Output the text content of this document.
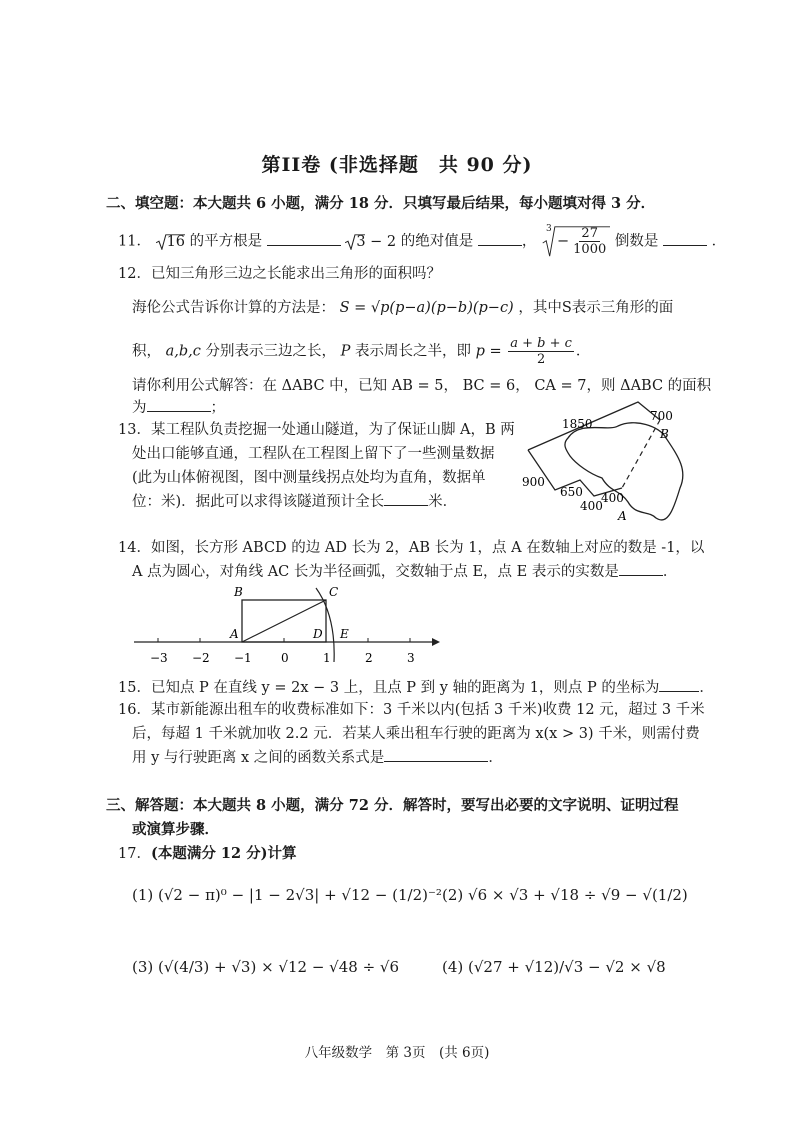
第II卷 (非选择题　共 90 分)
二、填空题：本大题共 6 小题，满分 18 分．只填写最后结果，每小题填对得 3 分．
11． 16 的平方根是	3 − 2 的绝对值是	，
3
− $\frac{27}{1000}$ 倒数是	．
12．已知三角形三边之长能求出三角形的面积吗？
海伦公式告诉你计算的方法是： S = √p(p−a)(p−b)(p−c) ，其中S表示三角形的面
积， a,b,c 分别表示三边之长， P 表示周长之半，即 $p = \frac{a + b + c}{2}$ ．
请你利用公式解答：在 ΔABC 中，已知 AB = 5， BC = 6， CA = 7，则 ΔABC 的面积
为	；
13．某工程队负责挖掘一处通山隧道，为了保证山脚 A，B 两
处出口能够直通，工程队在工程图上留下了一些测量数据
(此为山体俯视图，图中测量线拐点处均为直角，数据单
位：米)．据此可以求得该隧道预计全长	米．
1850
700
B
900
650
400
400
A
14．如图，长方形 ABCD 的边 AD 长为 2，AB 长为 1，点 A 在数轴上对应的数是 -1，以
A 点为圆心，对角线 AC 长为半径画弧，交数轴于点 E，点 E 表示的实数是	．
−3 −2 −1 0	1	2	3
B	C
A	D E
15．已知点 P 在直线 y = 2x − 3 上，且点 P 到 y 轴的距离为 1，则点 P 的坐标为	．
16．某市新能源出租车的收费标准如下：3 千米以内(包括 3 千米)收费 12 元，超过 3 千米
后，每超 1 千米就加收 2.2 元．若某人乘出租车行驶的距离为 x(x > 3) 千米，则需付费
用 y 与行驶距离 x 之间的函数关系式是	．
三、解答题：本大题共 8 小题，满分 72 分．解答时，要写出必要的文字说明、证明过程
或演算步骤．
17．(本题满分 12 分)计算
(1) (√2 − π)⁰ − |1 − 2√3| + √12 − (1/2)⁻² (2) √6 × √3 + √18 ÷ √9 − √(1/2)
(3) (√(4/3) + √3) × √12 − √48 ÷ √6	(4) (√27 + √12)/√3 − √2 × √8
八年级数学　第 3页　(共 6页)
